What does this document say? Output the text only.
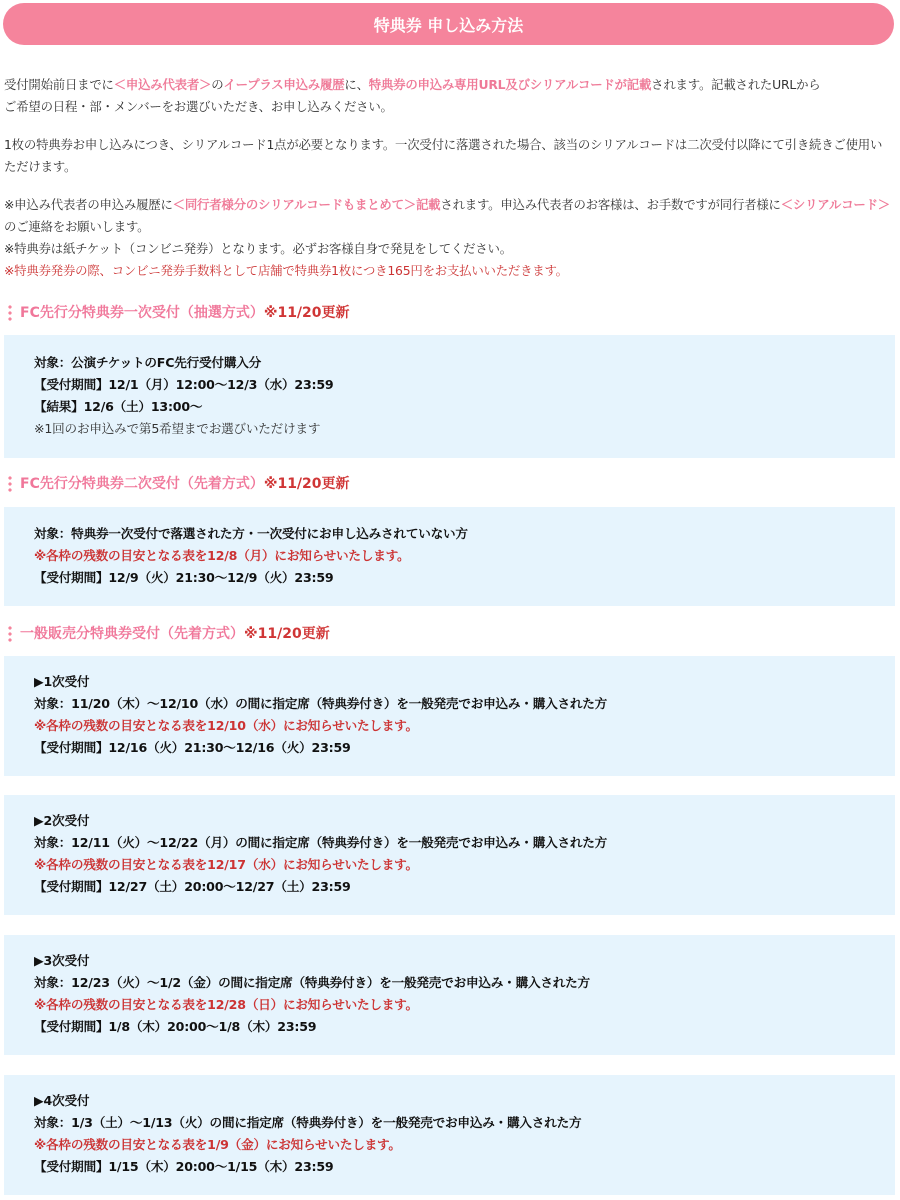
特典券 申し込み方法

受付開始前日までに＜申込み代表者＞のイープラス申込み履歴に、特典券の申込み専用URL及びシリアルコードが記載されます。記載されたURLから
ご希望の日程・部・メンバーをお選びいただき、お申し込みください。

1枚の特典券お申し込みにつき、シリアルコード1点が必要となります。一次受付に落選された場合、該当のシリアルコードは二次受付以降にて引き続きご使用いただけます。

※申込み代表者の申込み履歴に＜同行者様分のシリアルコードもまとめて＞記載されます。申込み代表者のお客様は、お手数ですが同行者様に＜シリアルコード＞のご連絡をお願いします。

※特典券は紙チケット（コンビニ発券）となります。必ずお客様自身で発見をしてください。

※特典券発券の際、コンビニ発券手数料として店舗で特典券1枚につき165円をお支払いいただきます。

FC先行分特典券一次受付（抽選方式） ※11/20更新
対象：公演チケットのFC先行受付購入分
【受付期間】12/1（月）12:00〜12/3（水）23:59
【結果】12/6（土）13:00〜
※1回のお申込みで第5希望までお選びいただけます
FC先行分特典券二次受付（先着方式） ※11/20更新
対象：特典券一次受付で落選された方・一次受付にお申し込みされていない方
※各枠の残数の目安となる表を12/8（月）にお知らせいたします。
【受付期間】12/9（火）21:30〜12/9（火）23:59
一般販売分特典券受付（先着方式） ※11/20更新
▶1次受付
対象：11/20（木）〜12/10（水）の間に指定席（特典券付き）を一般発売でお申込み・購入された方
※各枠の残数の目安となる表を12/10（水）にお知らせいたします。
【受付期間】12/16（火）21:30〜12/16（火）23:59
▶2次受付
対象：12/11（火）〜12/22（月）の間に指定席（特典券付き）を一般発売でお申込み・購入された方
※各枠の残数の目安となる表を12/17（水）にお知らせいたします。
【受付期間】12/27（土）20:00〜12/27（土）23:59
▶3次受付
対象：12/23（火）〜1/2（金）の間に指定席（特典券付き）を一般発売でお申込み・購入された方
※各枠の残数の目安となる表を12/28（日）にお知らせいたします。
【受付期間】1/8（木）20:00〜1/8（木）23:59
▶4次受付
対象：1/3（土）〜1/13（火）の間に指定席（特典券付き）を一般発売でお申込み・購入された方
※各枠の残数の目安となる表を1/9（金）にお知らせいたします。
【受付期間】1/15（木）20:00〜1/15（木）23:59
